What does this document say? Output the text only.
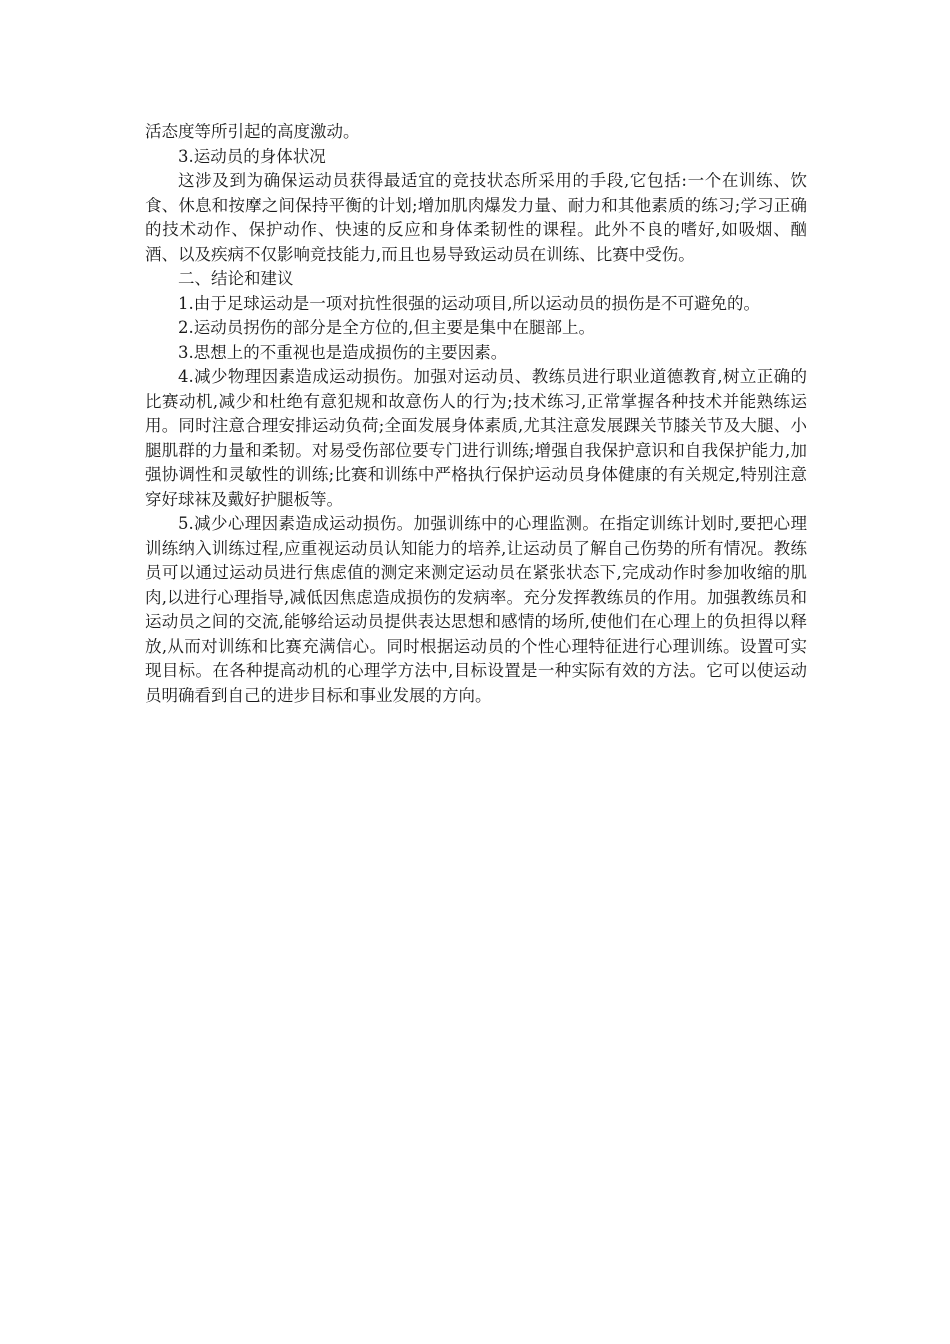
活态度等所引起的高度激动。

3.运动员的身体状况

这涉及到为确保运动员获得最适宜的竞技状态所采用的手段,它包括:一个在训练、饮食、休息和按摩之间保持平衡的计划;增加肌肉爆发力量、耐力和其他素质的练习;学习正确的技术动作、保护动作、快速的反应和身体柔韧性的课程。此外不良的嗜好,如吸烟、酗酒、以及疾病不仅影响竞技能力,而且也易导致运动员在训练、比赛中受伤。

二、结论和建议

1.由于足球运动是一项对抗性很强的运动项目,所以运动员的损伤是不可避免的。

2.运动员拐伤的部分是全方位的,但主要是集中在腿部上。

3.思想上的不重视也是造成损伤的主要因素。

4.减少物理因素造成运动损伤。加强对运动员、教练员进行职业道德教育,树立正确的比赛动机,减少和杜绝有意犯规和故意伤人的行为;技术练习,正常掌握各种技术并能熟练运用。同时注意合理安排运动负荷;全面发展身体素质,尤其注意发展踝关节膝关节及大腿、小腿肌群的力量和柔韧。对易受伤部位要专门进行训练;增强自我保护意识和自我保护能力,加强协调性和灵敏性的训练;比赛和训练中严格执行保护运动员身体健康的有关规定,特别注意穿好球袜及戴好护腿板等。

5.减少心理因素造成运动损伤。加强训练中的心理监测。在指定训练计划时,要把心理训练纳入训练过程,应重视运动员认知能力的培养,让运动员了解自己伤势的所有情况。教练员可以通过运动员进行焦虑值的测定来测定运动员在紧张状态下,完成动作时参加收缩的肌肉,以进行心理指导,减低因焦虑造成损伤的发病率。充分发挥教练员的作用。加强教练员和运动员之间的交流,能够给运动员提供表达思想和感情的场所,使他们在心理上的负担得以释放,从而对训练和比赛充满信心。同时根据运动员的个性心理特征进行心理训练。设置可实现目标。在各种提高动机的心理学方法中,目标设置是一种实际有效的方法。它可以使运动员明确看到自己的进步目标和事业发展的方向。
